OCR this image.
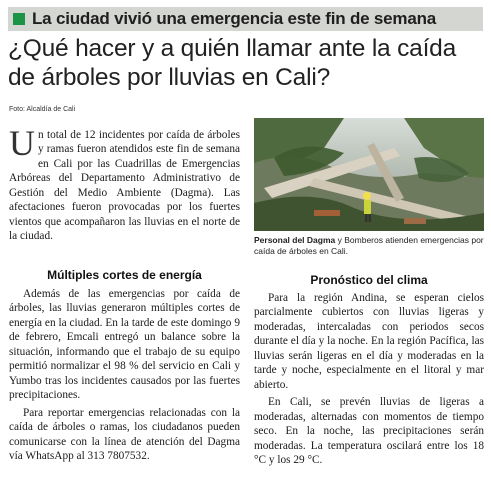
La ciudad vivió una emergencia este fin de semana
¿Qué hacer y a quién llamar ante la caída de árboles por lluvias en Cali?
Foto: Alcaldía de Cali

Un total de 12 incidentes por caída de árboles y ramas fueron atendidos este fin de semana en Cali por las Cuadrillas de Emergencias Arbóreas del Departamento Administrativo de Gestión del Medio Ambiente (Dagma). Las afectaciones fueron provocadas por los fuertes vientos que acompañaron las lluvias en el norte de la ciudad.

Múltiples cortes de energía

Además de las emergencias por caída de árboles, las lluvias generaron múltiples cortes de energía en la ciudad. En la tarde de este domingo 9 de febrero, Emcali entregó un balance sobre la situación, informando que el trabajo de su equipo permitió normalizar el 98 % del servicio en Cali y Yumbo tras los incidentes causados por las fuertes precipitaciones.

Para reportar emergencias relacionadas con la caída de árboles o ramas, los ciudadanos pueden comunicarse con la línea de atención del Dagma vía WhatsApp al 313 7807532.

Personal del Dagma y Bomberos atienden emergencias por caída de árboles en Cali.
Pronóstico del clima

Para la región Andina, se esperan cielos parcialmente cubiertos con lluvias ligeras y moderadas, intercaladas con periodos secos durante el día y la noche. En la región Pacífica, las lluvias serán ligeras en el día y moderadas en la tarde y noche, especialmente en el litoral y mar abierto.

En Cali, se prevén lluvias de ligeras a moderadas, alternadas con momentos de tiempo seco. En la noche, las precipitaciones serán moderadas. La temperatura oscilará entre los 18 °C y los 29 °C.
